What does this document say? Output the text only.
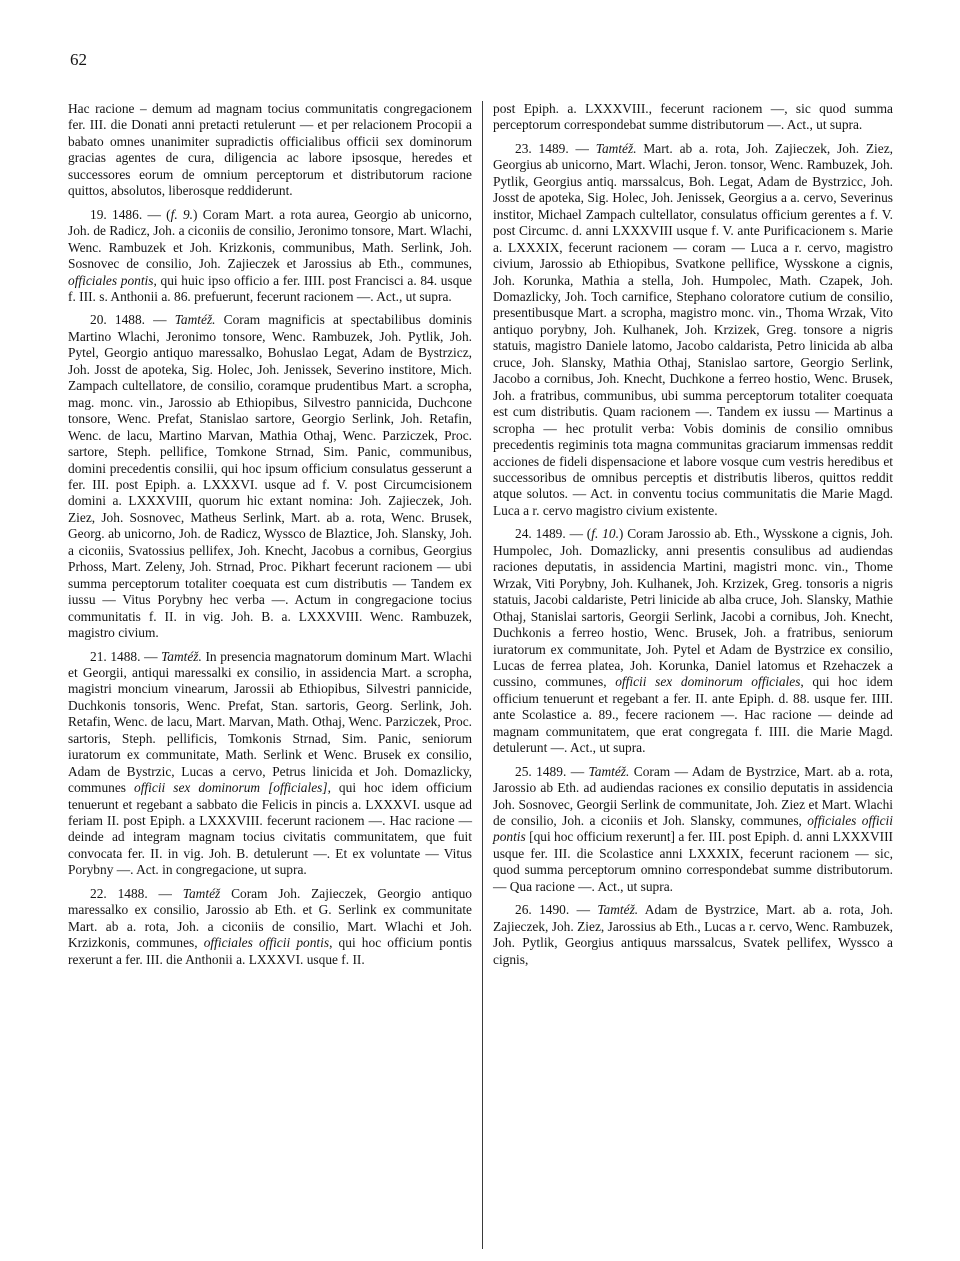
62

Hac racione – demum ad magnam tocius communitatis congregacionem fer. III. die Donati anni pretacti retulerunt — et per relacionem Procopii a babato omnes unanimiter supradictis officialibus officii sex dominorum gracias agentes de cura, diligencia ac labore ipsosque, heredes et successores eorum de omnium perceptorum et distributorum racione quittos, absolutos, liberosque reddiderunt.

19. 1486. — (f. 9.) Coram Mart. a rota aurea, Georgio ab unicorno, Joh. de Radicz, Joh. a ciconiis de consilio, Jeronimo tonsore, Mart. Wlachi, Wenc. Rambuzek et Joh. Krizkonis, communibus, Math. Serlink, Joh. Sosnovec de consilio, Joh. Zajieczek et Jarossius ab Eth., communes, officiales pontis, qui huic ipso officio a fer. IIII. post Francisci a. 84. usque f. III. s. Anthonii a. 86. prefuerunt, fecerunt racionem —. Act., ut supra.

20. 1488. — Tamtéž. Coram magnificis at spectabilibus dominis Martino Wlachi, Jeronimo tonsore, Wenc. Rambuzek, Joh. Pytlik, Joh. Pytel, Georgio antiquo maressalko, Bohuslao Legat, Adam de Bystrzicz, Joh. Josst de apoteka, Sig. Holec, Joh. Jenissek, Severino institore, Mich. Zampach cultellatore, de consilio, coramque prudentibus Mart. a scropha, mag. monc. vin., Jarossio ab Ethiopibus, Silvestro pannicida, Duchcone tonsore, Wenc. Prefat, Stanislao sartore, Georgio Serlink, Joh. Retafin, Wenc. de lacu, Martino Marvan, Mathia Othaj, Wenc. Parziczek, Proc. sartore, Steph. pellifice, Tomkone Strnad, Sim. Panic, communibus, domini precedentis consilii, qui hoc ipsum officium consulatus gesserunt a fer. III. post Epiph. a. LXXXVI. usque ad f. V. post Circumcisionem domini a. LXXXVIII, quorum hic extant nomina: Joh. Zajieczek, Joh. Ziez, Joh. Sosnovec, Matheus Serlink, Mart. ab a. rota, Wenc. Brusek, Georg. ab unicorno, Joh. de Radicz, Wyssco de Blaztice, Joh. Slansky, Joh. a ciconiis, Svatossius pellifex, Joh. Knecht, Jacobus a cornibus, Georgius Prhoss, Mart. Zeleny, Joh. Strnad, Proc. Pikhart fecerunt racionem — ubi summa perceptorum totaliter coequata est cum distributis — Tandem ex iussu — Vitus Porybny hec verba —. Actum in congregacione tocius communitatis f. II. in vig. Joh. B. a. LXXXVIII. Wenc. Rambuzek, magistro civium.

21. 1488. — Tamtéž. In presencia magnatorum dominum Mart. Wlachi et Georgii, antiqui maressalki ex consilio, in assidencia Mart. a scropha, magistri moncium vinearum, Jarossii ab Ethiopibus, Silvestri pannicide, Duchkonis tonsoris, Wenc. Prefat, Stan. sartoris, Georg. Serlink, Joh. Retafin, Wenc. de lacu, Mart. Marvan, Math. Othaj, Wenc. Parziczek, Proc. sartoris, Steph. pellificis, Tomkonis Strnad, Sim. Panic, seniorum iuratorum ex communitate, Math. Serlink et Wenc. Brusek ex consilio, Adam de Bystrzic, Lucas a cervo, Petrus linicida et Joh. Domazlicky, communes officii sex dominorum [officiales], qui hoc idem officium tenuerunt et regebant a sabbato die Felicis in pincis a. LXXXVI. usque ad feriam II. post Epiph. a LXXXVIII. fecerunt racionem —. Hac racione — deinde ad integram magnam tocius civitatis communitatem, que fuit convocata fer. II. in vig. Joh. B. detulerunt —. Et ex voluntate — Vitus Porybny —. Act. in congregacione, ut supra.

22. 1488. — Tamtéž Coram Joh. Zajieczek, Georgio antiquo maressalko ex consilio, Jarossio ab Eth. et G. Serlink ex communitate Mart. ab a. rota, Joh. a ciconiis de consilio, Mart. Wlachi et Joh. Krzizkonis, communes, officiales officii pontis, qui hoc officium pontis rexerunt a fer. III. die Anthonii a. LXXXVI. usque f. II.

post Epiph. a. LXXXVIII., fecerunt racionem —, sic quod summa perceptorum correspondebat summe distributorum —. Act., ut supra.

23. 1489. — Tamtéž. Mart. ab a. rota, Joh. Zajieczek, Joh. Ziez, Georgius ab unicorno, Mart. Wlachi, Jeron. tonsor, Wenc. Rambuzek, Joh. Pytlik, Georgius antiq. marssalcus, Boh. Legat, Adam de Bystrzicc, Joh. Josst de apoteka, Sig. Holec, Joh. Jenissek, Georgius a a. cervo, Severinus institor, Michael Zampach cultellator, consulatus officium gerentes a f. V. post Circumc. d. anni LXXXVIII usque f. V. ante Purificacionem s. Marie a. LXXXIX, fecerunt racionem — coram — Luca a r. cervo, magistro civium, Jarossio ab Ethiopibus, Svatkone pellifice, Wysskone a cignis, Joh. Korunka, Mathia a stella, Joh. Humpolec, Math. Czapek, Joh. Domazlicky, Joh. Toch carnifice, Stephano coloratore cutium de consilio, presentibusque Mart. a scropha, magistro monc. vin., Thoma Wrzak, Vito antiquo porybny, Joh. Kulhanek, Joh. Krzizek, Greg. tonsore a nigris statuis, magistro Daniele latomo, Jacobo caldarista, Petro linicida ab alba cruce, Joh. Slansky, Mathia Othaj, Stanislao sartore, Georgio Serlink, Jacobo a cornibus, Joh. Knecht, Duchkone a ferreo hostio, Wenc. Brusek, Joh. a fratribus, communibus, ubi summa perceptorum totaliter coequata est cum distributis. Quam racionem —. Tandem ex iussu — Martinus a scropha — hec protulit verba: Vobis dominis de consilio omnibus precedentis regiminis tota magna communitas graciarum immensas reddit acciones de fideli dispensacione et labore vosque cum vestris heredibus et successoribus de omnibus perceptis et distributis liberos, quittos reddit atque solutos. — Act. in conventu tocius communitatis die Marie Magd. Luca a r. cervo magistro civium existente.

24. 1489. — (f. 10.) Coram Jarossio ab. Eth., Wysskone a cignis, Joh. Humpolec, Joh. Domazlicky, anni presentis consulibus ad audiendas raciones deputatis, in assidencia Martini, magistri monc. vin., Thome Wrzak, Viti Porybny, Joh. Kulhanek, Joh. Krzizek, Greg. tonsoris a nigris statuis, Jacobi caldariste, Petri linicide ab alba cruce, Joh. Slansky, Mathie Othaj, Stanislai sartoris, Georgii Serlink, Jacobi a cornibus, Joh. Knecht, Duchkonis a ferreo hostio, Wenc. Brusek, Joh. a fratribus, seniorum iuratorum ex communitate, Joh. Pytel et Adam de Bystrzice ex consilio, Lucas de ferrea platea, Joh. Korunka, Daniel latomus et Rzehaczek a cussino, communes, officii sex dominorum officiales, qui hoc idem officium tenuerunt et regebant a fer. II. ante Epiph. d. 88. usque fer. IIII. ante Scolastice a. 89., fecere racionem —. Hac racione — deinde ad magnam communitatem, que erat congregata f. IIII. die Marie Magd. detulerunt —. Act., ut supra.

25. 1489. — Tamtéž. Coram — Adam de Bystrzice, Mart. ab a. rota, Jarossio ab Eth. ad audiendas raciones ex consilio deputatis in assidencia Joh. Sosnovec, Georgii Serlink de communitate, Joh. Ziez et Mart. Wlachi de consilio, Joh. a ciconiis et Joh. Slansky, communes, officiales officii pontis [qui hoc officium rexerunt] a fer. III. post Epiph. d. anni LXXXVIII usque fer. III. die Scolastice anni LXXXIX, fecerunt racionem — sic, quod summa perceptorum omnino correspondebat summe distributorum. — Qua racione —. Act., ut supra.

26. 1490. — Tamtéž. Adam de Bystrzice, Mart. ab a. rota, Joh. Zajieczek, Joh. Ziez, Jarossius ab Eth., Lucas a r. cervo, Wenc. Rambuzek, Joh. Pytlik, Georgius antiquus marssalcus, Svatek pellifex, Wyssco a cignis,
